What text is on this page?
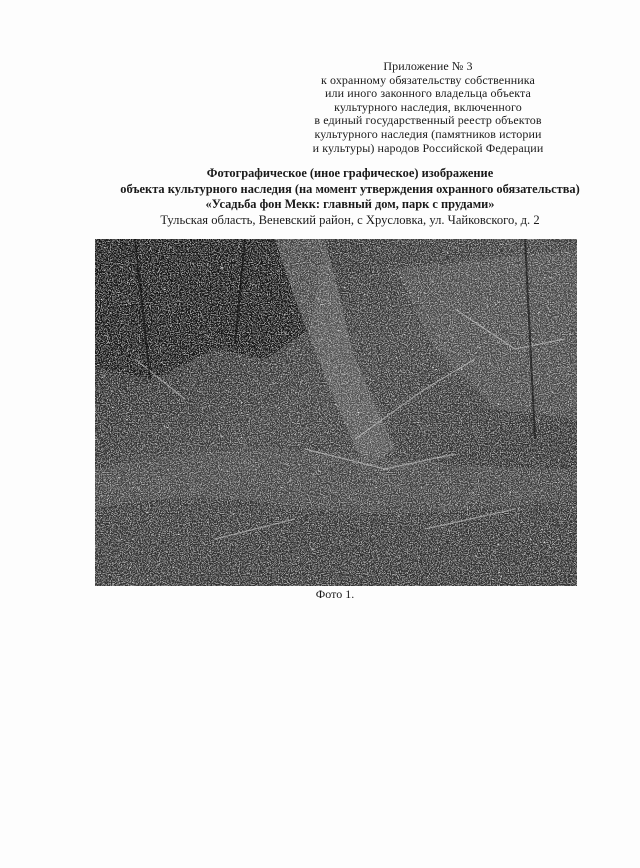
Приложение № 3
к охранному обязательству собственника
или иного законного владельца объекта
культурного наследия, включенного
в единый государственный реестр объектов
культурного наследия (памятников истории
и культуры) народов Российской Федерации
Фотографическое (иное графическое) изображение
объекта культурного наследия (на момент утверждения охранного обязательства)
«Усадьба фон Мекк: главный дом, парк с прудами»
Тульская область, Веневский район, с Хрусловка, ул. Чайковского, д. 2
Фото 1.
